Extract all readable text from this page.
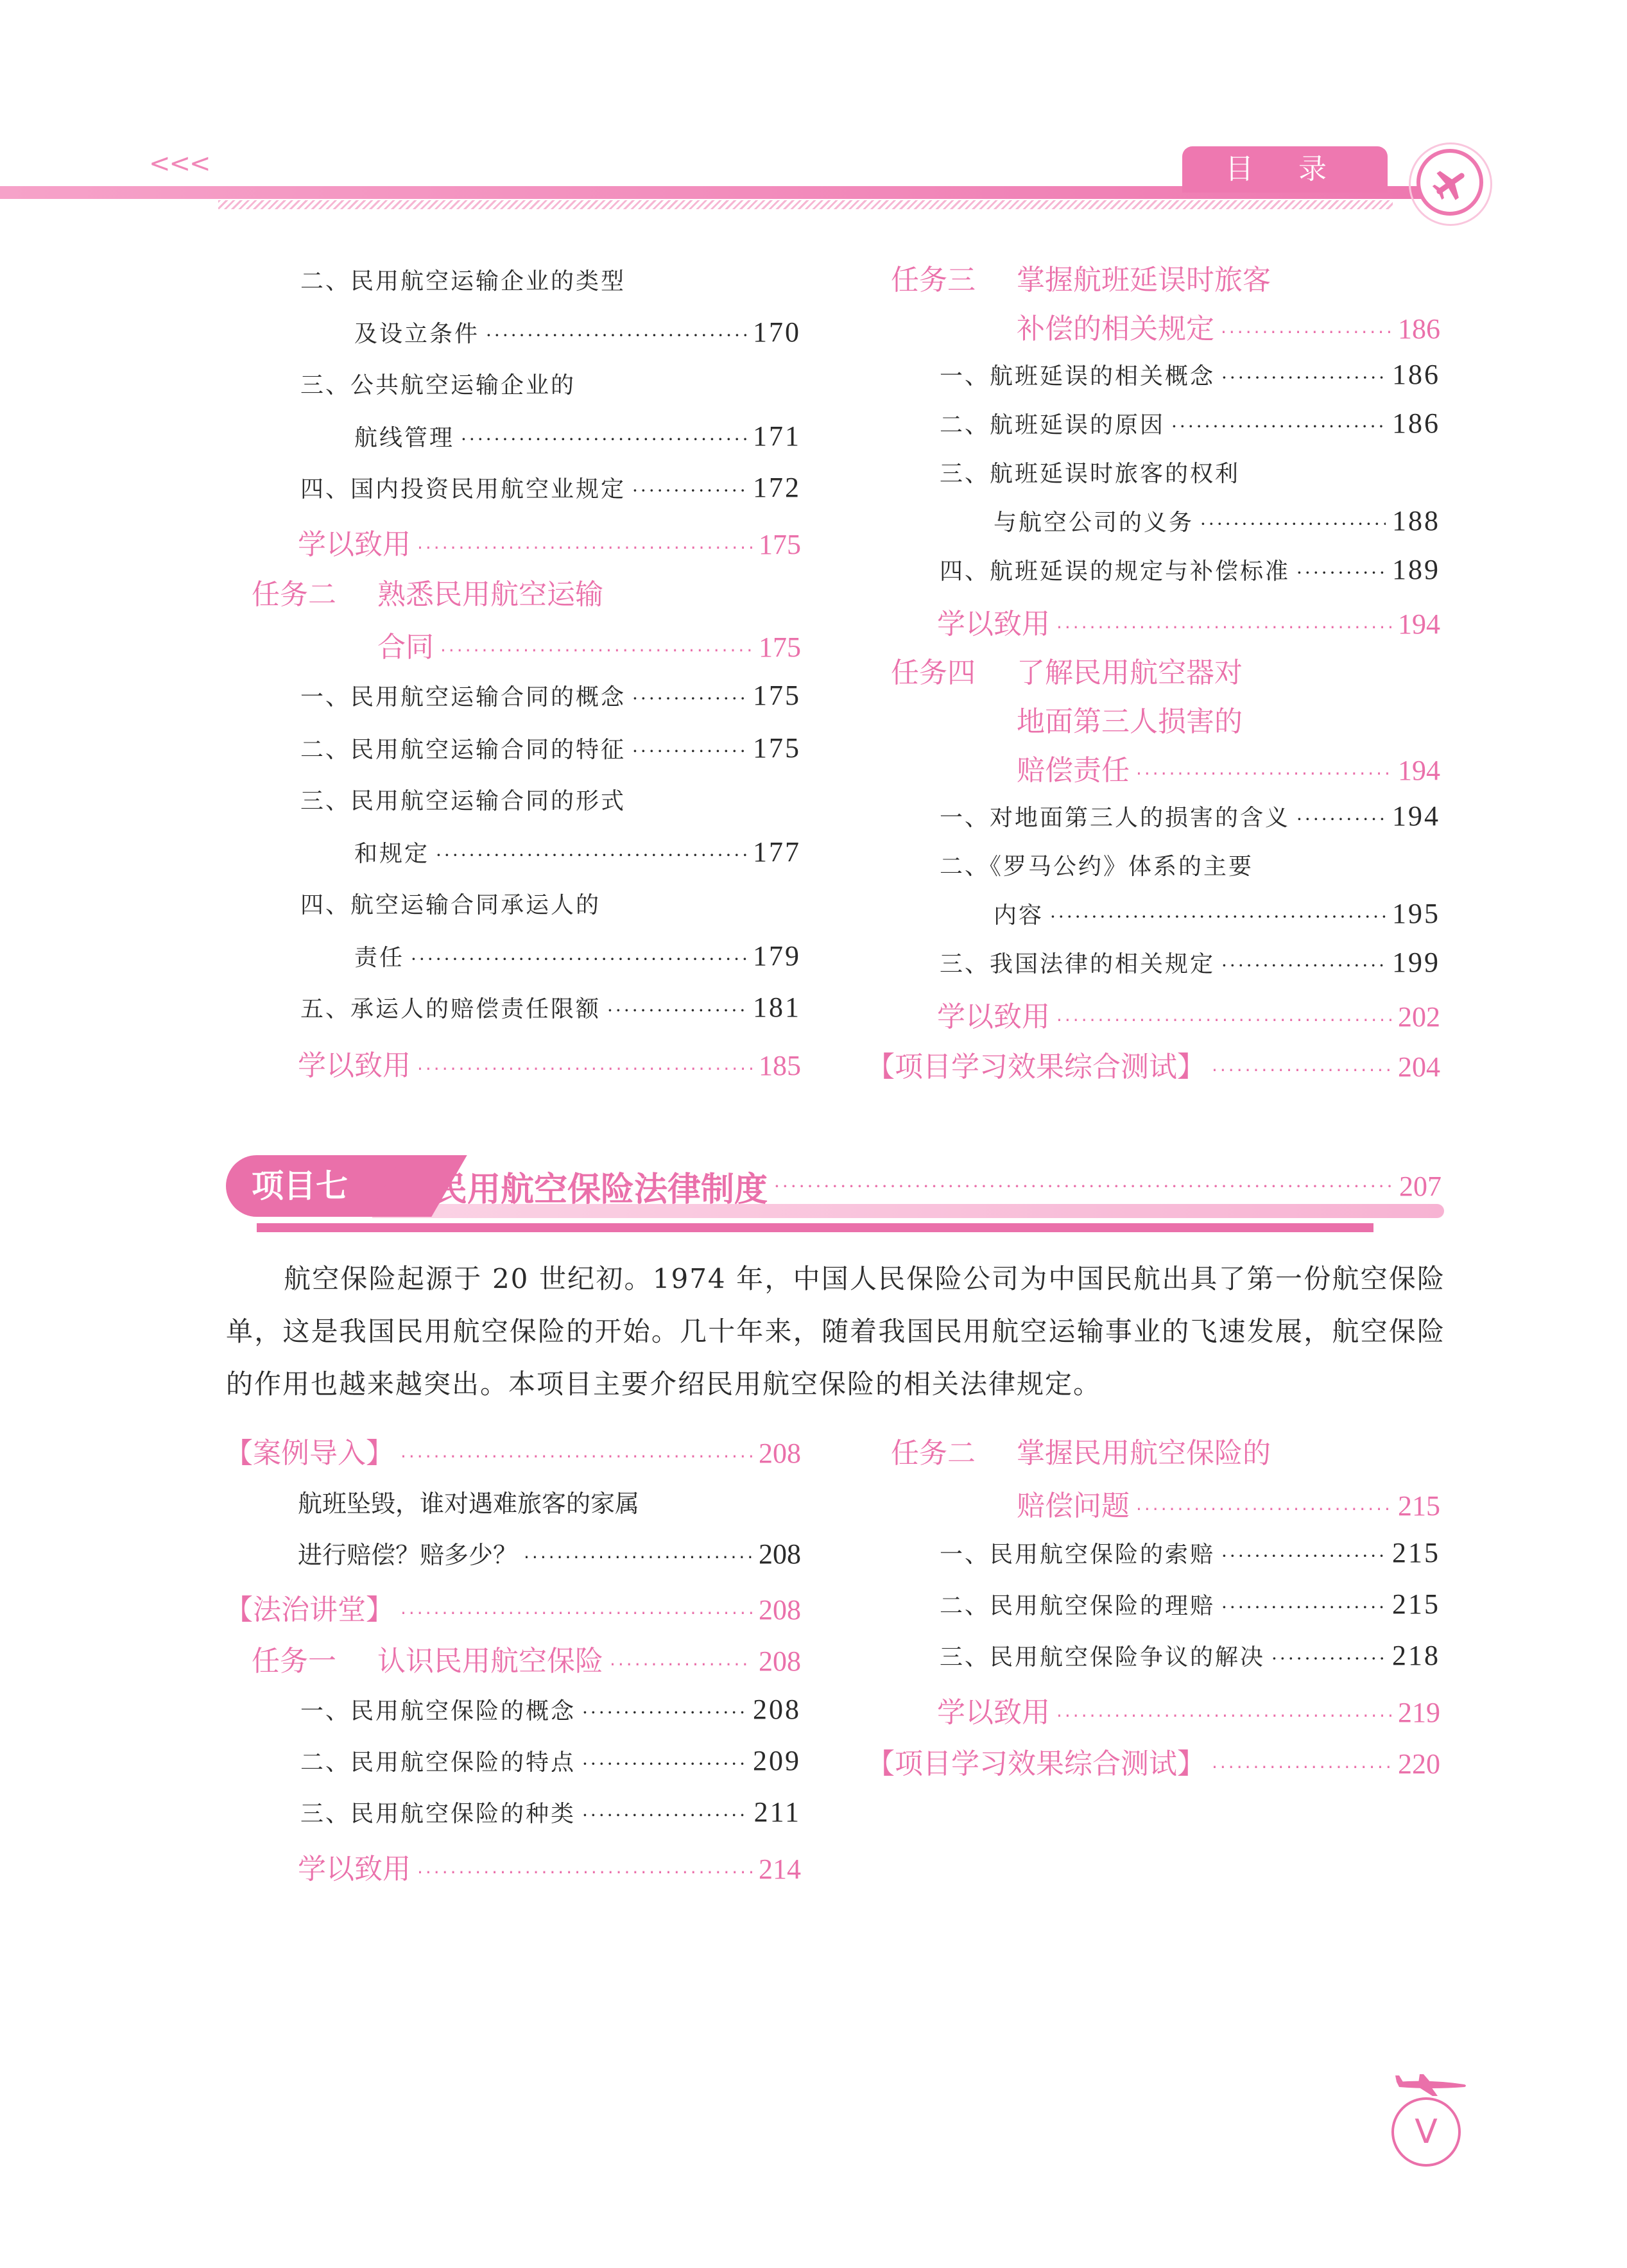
<<<	目 录
二、民用航空运输企业的类型
及设立条件 ·····	170
三、公共航空运输企业的
航线管理 ·····	171
四、国内投资民用航空业规定 ·····	172
学以致用 ·····	175
任务二 熟悉民用航空运输
合同 ·····	175
一、民用航空运输合同的概念 ·····	175
二、民用航空运输合同的特征 ·····	175
三、民用航空运输合同的形式
和规定 ·····	177
四、航空运输合同承运人的
责任 ·····	179
五、承运人的赔偿责任限额 ·····	181
学以致用 ·····	185
任务三 掌握航班延误时旅客
补偿的相关规定 ·····	186
一、航班延误的相关概念 ·····	186
二、航班延误的原因 ·····	186
三、航班延误时旅客的权利
与航空公司的义务 ·····	188
四、航班延误的规定与补偿标准 ·····	189
学以致用 ·····	194
任务四 了解民用航空器对
地面第三人损害的
赔偿责任 ·····	194
一、对地面第三人的损害的含义 ·····	194
二、《罗马公约》体系的主要
内容 ·····	195
三、我国法律的相关规定 ·····	199
学以致用 ·····	202
【项目学习效果综合测试】 ·····	204
项目七	民用航空保险法律制度 ·····	207
航空保险起源于 20 世纪初。1974 年，中国人民保险公司为中国民航出具了第一份航空保险单，这是我国民用航空保险的开始。几十年来，随着我国民用航空运输事业的飞速发展，航空保险的作用也越来越突出。本项目主要介绍民用航空保险的相关法律规定。
【案例导入】 ·····	208
航班坠毁，谁对遇难旅客的家属
进行赔偿？赔多少？ ·····	208
【法治讲堂】 ·····	208
任务一 认识民用航空保险 ·····	208
一、民用航空保险的概念 ·····	208
二、民用航空保险的特点 ·····	209
三、民用航空保险的种类 ·····	211
学以致用 ·····	214
任务二 掌握民用航空保险的
赔偿问题 ·····	215
一、民用航空保险的索赔 ·····	215
二、民用航空保险的理赔 ·····	215
三、民用航空保险争议的解决 ·····	218
学以致用 ·····	219
【项目学习效果综合测试】 ·····	220
V
